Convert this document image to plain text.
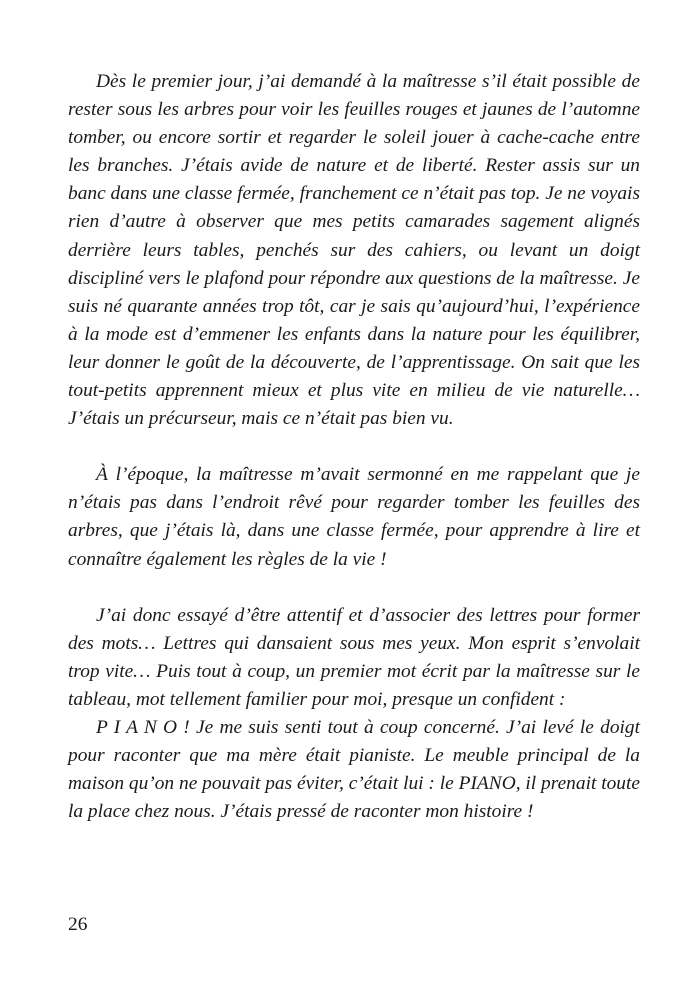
Dès le premier jour, j’ai demandé à la maîtresse s’il était possible de rester sous les arbres pour voir les feuilles rouges et jaunes de l’automne tomber, ou encore sortir et regarder le soleil jouer à cache-cache entre les branches. J’étais avide de nature et de liberté. Rester assis sur un banc dans une classe fermée, franchement ce n’était pas top. Je ne voyais rien d’autre à observer que mes petits camarades sagement alignés derrière leurs tables, penchés sur des cahiers, ou levant un doigt discipliné vers le plafond pour répondre aux questions de la maîtresse. Je suis né quarante années trop tôt, car je sais qu’aujourd’hui, l’expérience à la mode est d’emmener les enfants dans la nature pour les équilibrer, leur donner le goût de la découverte, de l’apprentissage. On sait que les tout-petits apprennent mieux et plus vite en milieu de vie naturelle… J’étais un précurseur, mais ce n’était pas bien vu.

À l’époque, la maîtresse m’avait sermonné en me rappelant que je n’étais pas dans l’endroit rêvé pour regarder tomber les feuilles des arbres, que j’étais là, dans une classe fermée, pour apprendre à lire et connaître également les règles de la vie !

J’ai donc essayé d’être attentif et d’associer des lettres pour former des mots… Lettres qui dansaient sous mes yeux. Mon esprit s’envolait trop vite… Puis tout à coup, un premier mot écrit par la maîtresse sur le tableau, mot tellement familier pour moi, presque un confident :

P I A N O ! Je me suis senti tout à coup concerné. J’ai levé le doigt pour raconter que ma mère était pianiste. Le meuble principal de la maison qu’on ne pouvait pas éviter, c’était lui : le PIANO, il prenait toute la place chez nous. J’étais pressé de raconter mon histoire !

26
